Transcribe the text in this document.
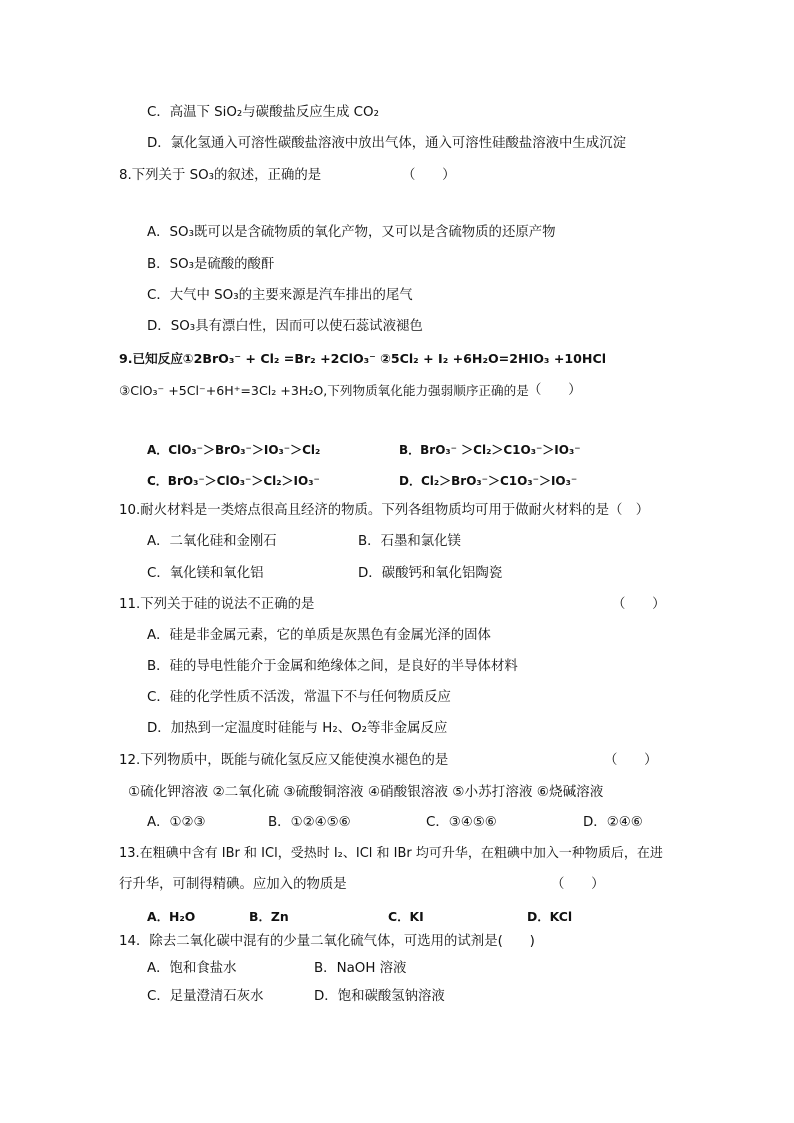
C．高温下 SiO₂与碳酸盐反应生成 CO₂
D．氯化氢通入可溶性碳酸盐溶液中放出气体，通入可溶性硅酸盐溶液中生成沉淀
8.下列关于 SO₃的叙述，正确的是	（　　）
A．SO₃既可以是含硫物质的氧化产物，又可以是含硫物质的还原产物
B．SO₃是硫酸的酸酐
C．大气中 SO₃的主要来源是汽车排出的尾气
D．SO₃具有漂白性，因而可以使石蕊试液褪色
9.已知反应①2BrO₃⁻ + Cl₂ =Br₂ +2ClO₃⁻ ②5Cl₂ + I₂ +6H₂O=2HIO₃ +10HCl
③ClO₃⁻ +5Cl⁻+6H⁺=3Cl₂ +3H₂O,下列物质氧化能力强弱顺序正确的是 （　　）
A．ClO₃⁻＞BrO₃⁻＞IO₃⁻＞Cl₂	B．BrO₃⁻ ＞Cl₂＞C1O₃⁻＞IO₃⁻
C．BrO₃⁻＞ClO₃⁻＞Cl₂＞IO₃⁻	D．Cl₂＞BrO₃⁻＞C1O₃⁻＞IO₃⁻
10.耐火材料是一类熔点很高且经济的物质。下列各组物质均可用于做耐火材料的是（　）
A．二氧化硅和金刚石	B．石墨和氯化镁
C．氧化镁和氧化铝	D．碳酸钙和氧化铝陶瓷
11.下列关于硅的说法不正确的是	（　　）
A．硅是非金属元素，它的单质是灰黑色有金属光泽的固体
B．硅的导电性能介于金属和绝缘体之间，是良好的半导体材料
C．硅的化学性质不活泼，常温下不与任何物质反应
D．加热到一定温度时硅能与 H₂、O₂等非金属反应
12.下列物质中，既能与硫化氢反应又能使溴水褪色的是	（　　）
①硫化钾溶液 ②二氧化硫 ③硫酸铜溶液 ④硝酸银溶液 ⑤小苏打溶液 ⑥烧碱溶液
A．①②③	B．①②④⑤⑥	C．③④⑤⑥	D．②④⑥
13.在粗碘中含有 IBr 和 ICl，受热时 I₂、ICl 和 IBr 均可升华，在粗碘中加入一种物质后，在进
行升华，可制得精碘。应加入的物质是	（　　）
A．H₂O	B．Zn	C．KI	D．KCl
14．除去二氧化碳中混有的少量二氧化硫气体，可选用的试剂是(　　)
A．饱和食盐水	B．NaOH 溶液
C．足量澄清石灰水	D．饱和碳酸氢钠溶液
